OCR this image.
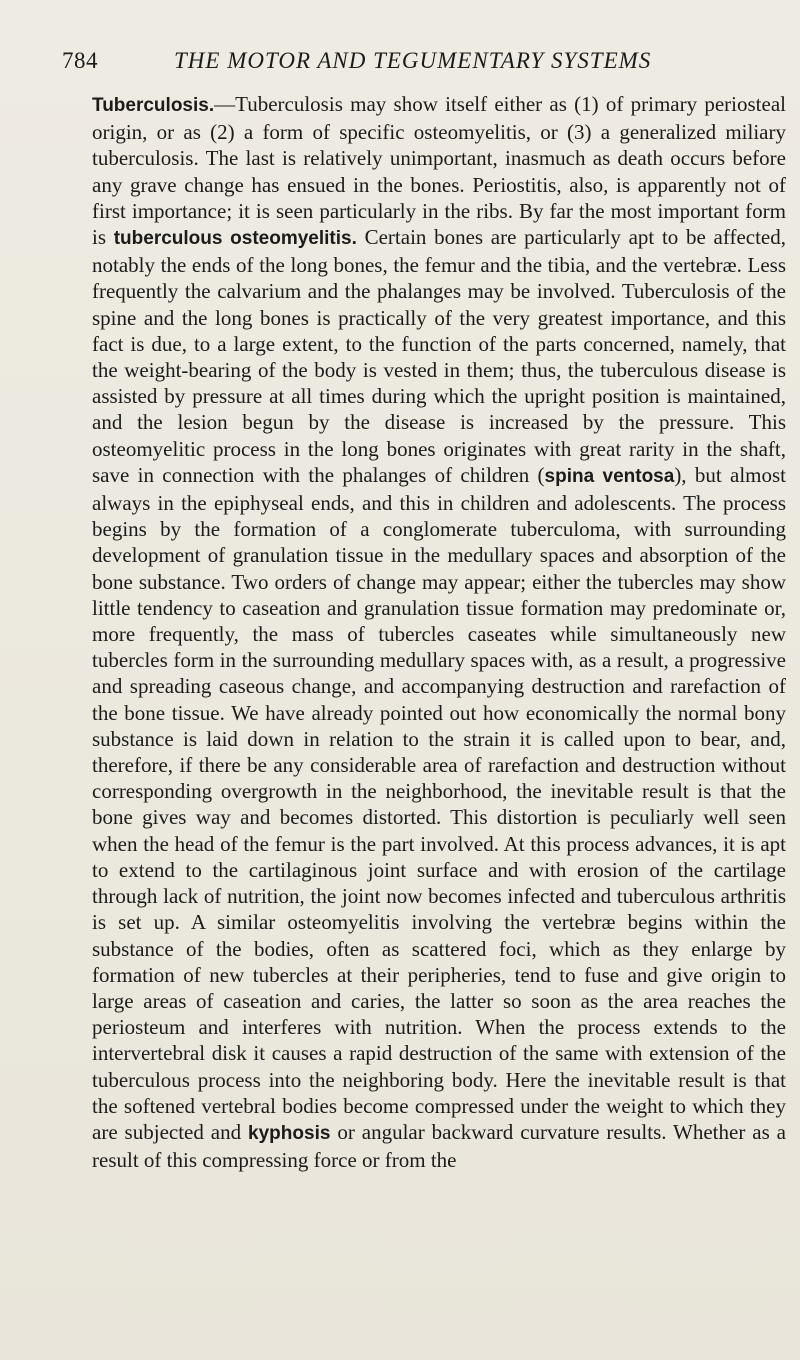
784	THE MOTOR AND TEGUMENTARY SYSTEMS

Tuberculosis.—Tuberculosis may show itself either as (1) of primary periosteal origin, or as (2) a form of specific osteomyelitis, or (3) a generalized miliary tuberculosis. The last is relatively unimportant, inasmuch as death occurs before any grave change has ensued in the bones. Periostitis, also, is apparently not of first importance; it is seen particularly in the ribs. By far the most important form is tuberculous osteomyelitis. Certain bones are particularly apt to be affected, notably the ends of the long bones, the femur and the tibia, and the vertebræ. Less frequently the calvarium and the phalanges may be involved. Tuberculosis of the spine and the long bones is practically of the very greatest importance, and this fact is due, to a large extent, to the function of the parts concerned, namely, that the weight-bearing of the body is vested in them; thus, the tuberculous disease is assisted by pressure at all times during which the upright position is maintained, and the lesion begun by the disease is increased by the pressure. This osteomyelitic process in the long bones originates with great rarity in the shaft, save in connection with the phalanges of children (spina ventosa), but almost always in the epiphyseal ends, and this in children and adolescents. The process begins by the formation of a conglomerate tuberculoma, with surrounding development of granulation tissue in the medullary spaces and absorption of the bone substance. Two orders of change may appear; either the tubercles may show little tendency to caseation and granulation tissue formation may predominate or, more frequently, the mass of tubercles caseates while simultaneously new tubercles form in the surrounding medullary spaces with, as a result, a progressive and spreading caseous change, and accompanying destruction and rarefaction of the bone tissue. We have already pointed out how economically the normal bony substance is laid down in relation to the strain it is called upon to bear, and, therefore, if there be any considerable area of rarefaction and destruction without corresponding overgrowth in the neighborhood, the inevitable result is that the bone gives way and becomes distorted. This distortion is peculiarly well seen when the head of the femur is the part involved. At this process advances, it is apt to extend to the cartilaginous joint surface and with erosion of the cartilage through lack of nutrition, the joint now becomes infected and tuberculous arthritis is set up. A similar osteomyelitis involving the vertebræ begins within the substance of the bodies, often as scattered foci, which as they enlarge by formation of new tubercles at their peripheries, tend to fuse and give origin to large areas of caseation and caries, the latter so soon as the area reaches the periosteum and interferes with nutrition. When the process extends to the intervertebral disk it causes a rapid destruction of the same with extension of the tuberculous process into the neighboring body. Here the inevitable result is that the softened vertebral bodies become compressed under the weight to which they are subjected and kyphosis or angular backward curvature results. Whether as a result of this compressing force or from the
